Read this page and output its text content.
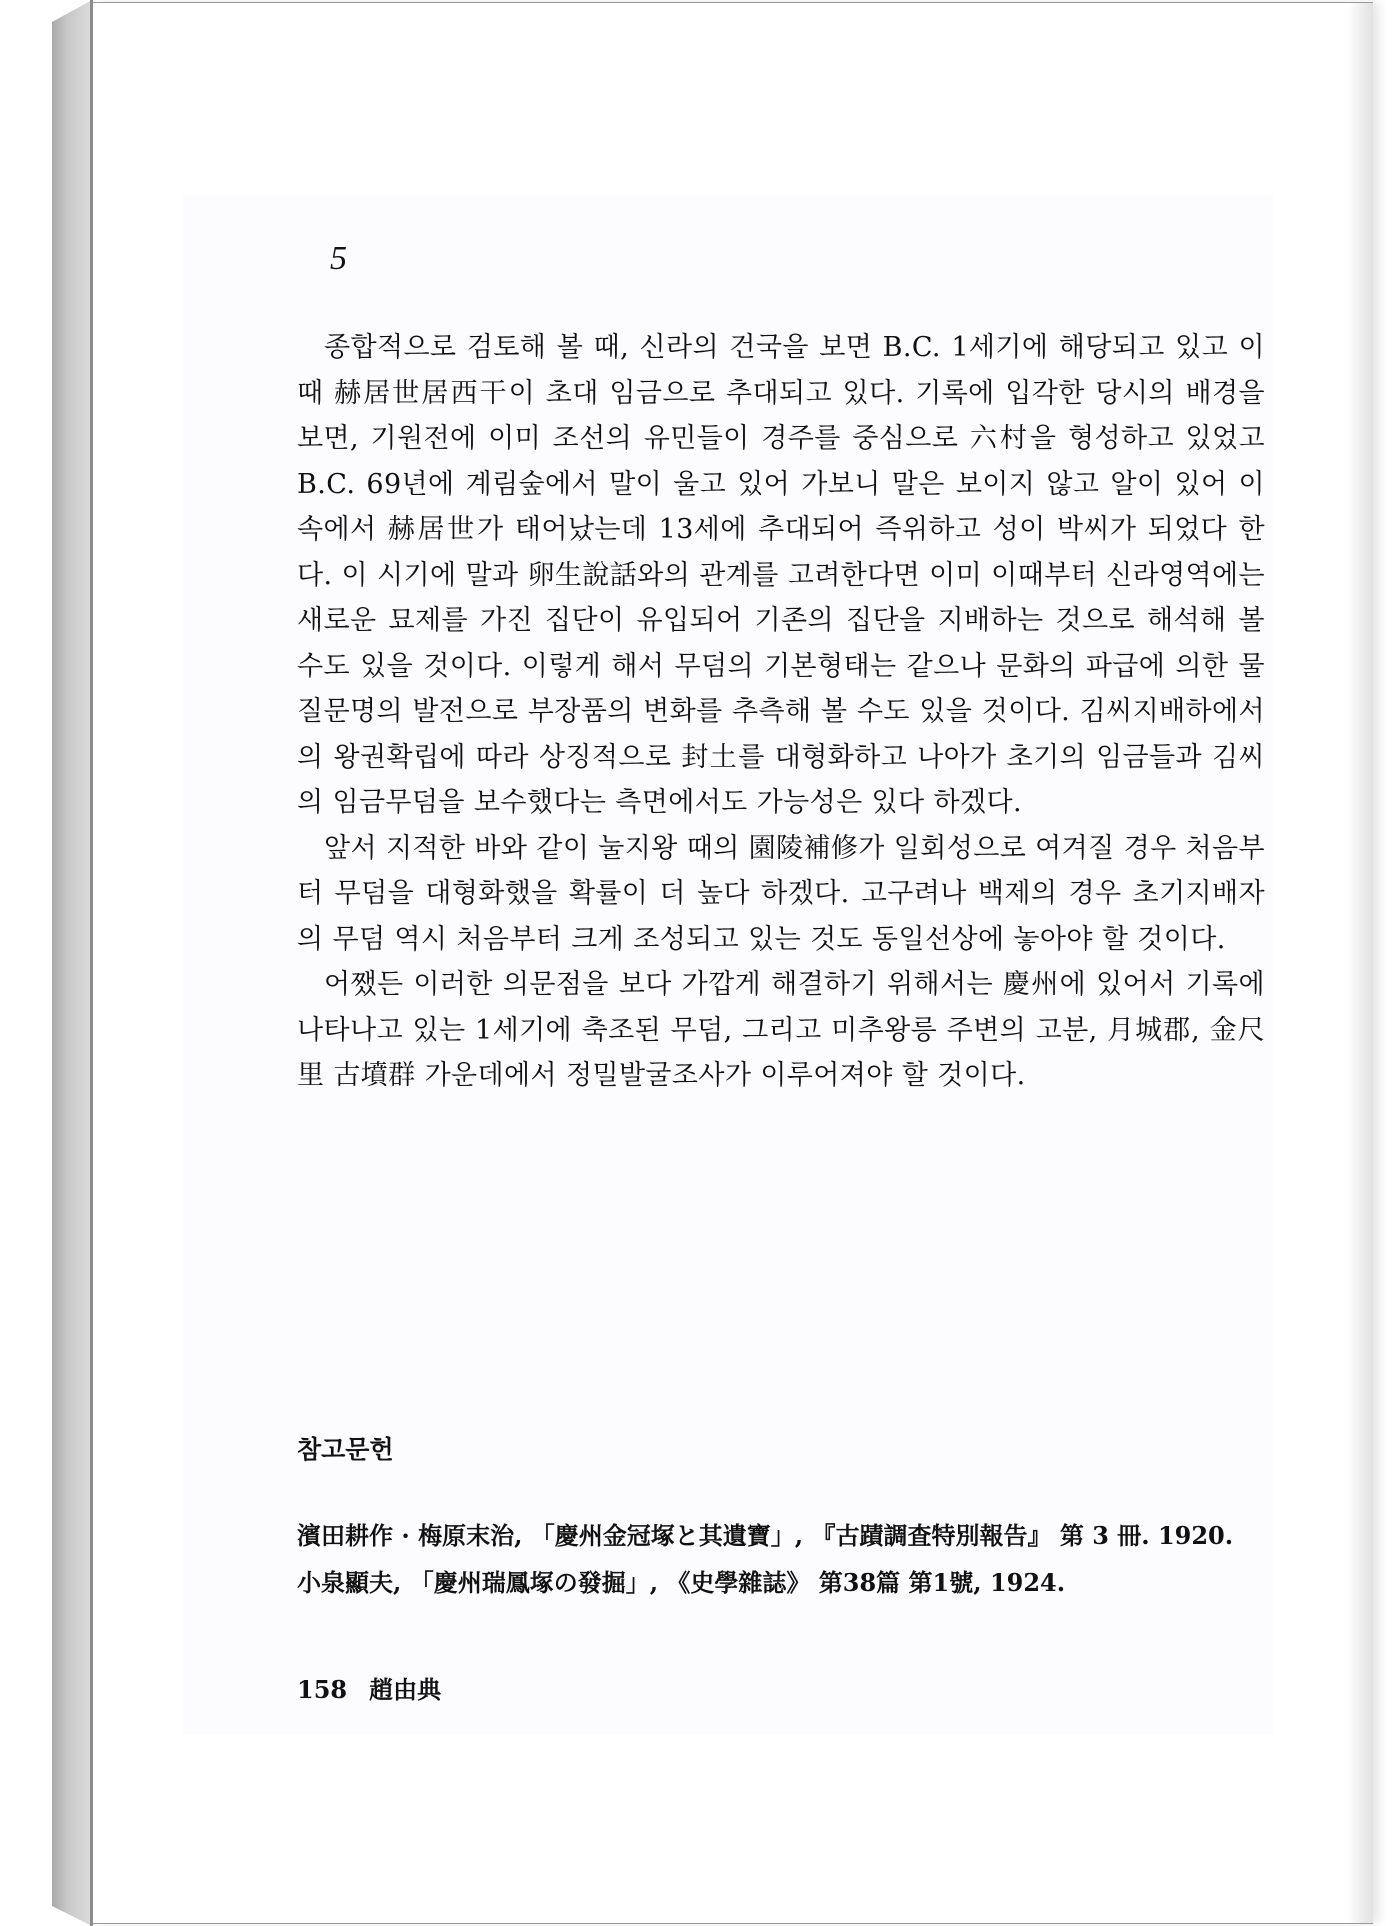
5

종합적으로 검토해 볼 때, 신라의 건국을 보면 B.C. 1세기에 해당되고 있고 이때 赫居世居西干이 초대 임금으로 추대되고 있다. 기록에 입각한 당시의 배경을 보면, 기원전에 이미 조선의 유민들이 경주를 중심으로 六村을 형성하고 있었고 B.C. 69년에 계림숲에서 말이 울고 있어 가보니 말은 보이지 않고 알이 있어 이 속에서 赫居世가 태어났는데 13세에 추대되어 즉위하고 성이 박씨가 되었다 한다. 이 시기에 말과 卵生說話와의 관계를 고려한다면 이미 이때부터 신라영역에는 새로운 묘제를 가진 집단이 유입되어 기존의 집단을 지배하는 것으로 해석해 볼 수도 있을 것이다. 이렇게 해서 무덤의 기본형태는 같으나 문화의 파급에 의한 물질문명의 발전으로 부장품의 변화를 추측해 볼 수도 있을 것이다. 김씨지배하에서의 왕권확립에 따라 상징적으로 封土를 대형화하고 나아가 초기의 임금들과 김씨의 임금무덤을 보수했다는 측면에서도 가능성은 있다 하겠다.

앞서 지적한 바와 같이 눌지왕 때의 園陵補修가 일회성으로 여겨질 경우 처음부터 무덤을 대형화했을 확률이 더 높다 하겠다. 고구려나 백제의 경우 초기지배자의 무덤 역시 처음부터 크게 조성되고 있는 것도 동일선상에 놓아야 할 것이다.

어쨌든 이러한 의문점을 보다 가깝게 해결하기 위해서는 慶州에 있어서 기록에 나타나고 있는 1세기에 축조된 무덤, 그리고 미추왕릉 주변의 고분, 月城郡, 金尺里 古墳群 가운데에서 정밀발굴조사가 이루어져야 할 것이다.

참고문헌

濱田耕作 · 梅原末治, 「慶州金冠塚と其遺寶」, 『古蹟調査特別報告』 第 3 冊. 1920.
小泉顯夫, 「慶州瑞鳳塚の發掘」, 《史學雜誌》 第38篇 第1號, 1924.

158 趙由典
